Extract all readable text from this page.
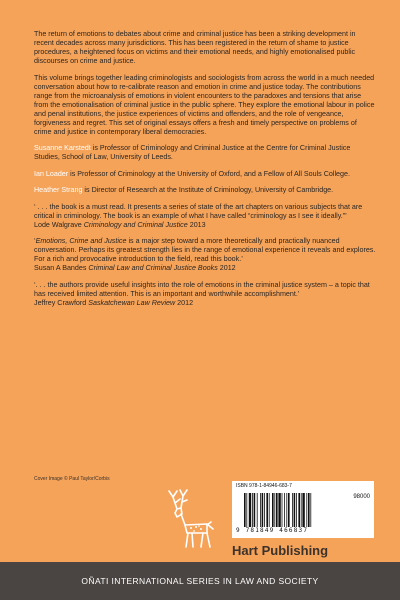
The return of emotions to debates about crime and criminal justice has been a striking development in recent decades across many jurisdictions. This has been registered in the return of shame to justice procedures, a heightened focus on victims and their emotional needs, and highly emotionalised public discourses on crime and justice.

This volume brings together leading criminologists and sociologists from across the world in a much needed conversation about how to re-calibrate reason and emotion in crime and justice today. The contributions range from the microanalysis of emotions in violent encounters to the paradoxes and tensions that arise from the emotionalisation of criminal justice in the public sphere. They explore the emotional labour in police and penal institutions, the justice experiences of victims and offenders, and the role of vengeance, forgiveness and regret. This set of original essays offers a fresh and timely perspective on problems of crime and justice in contemporary liberal democracies.

Susanne Karstedt is Professor of Criminology and Criminal Justice at the Centre for Criminal Justice Studies, School of Law, University of Leeds.

Ian Loader is Professor of Criminology at the University of Oxford, and a Fellow of All Souls College.

Heather Strang is Director of Research at the Institute of Criminology, University of Cambridge.

‘ . . . the book is a must read. It presents a series of state of the art chapters on various subjects that are critical in criminology. The book is an example of what I have called “criminology as I see it ideally.”’
Lode Walgrave Criminology and Criminal Justice 2013

‘Emotions, Crime and Justice is a major step toward a more theoretically and practically nuanced conversation. Perhaps its greatest strength lies in the range of emotional experience it reveals and explores. For a rich and provocative introduction to the field, read this book.’
Susan A Bandes Criminal Law and Criminal Justice Books 2012

‘. . . the authors provide useful insights into the role of emotions in the criminal justice system – a topic that has received limited attention. This is an important and worthwhile accomplishment.’
Jeffrey Crawford Saskatchewan Law Review 2012

Cover Image © Paul Taylor/Corbis
ISBN 978-1-84946-683-7
98000
9 781849 466837
Hart Publishing
OÑATI INTERNATIONAL SERIES IN LAW AND SOCIETY
